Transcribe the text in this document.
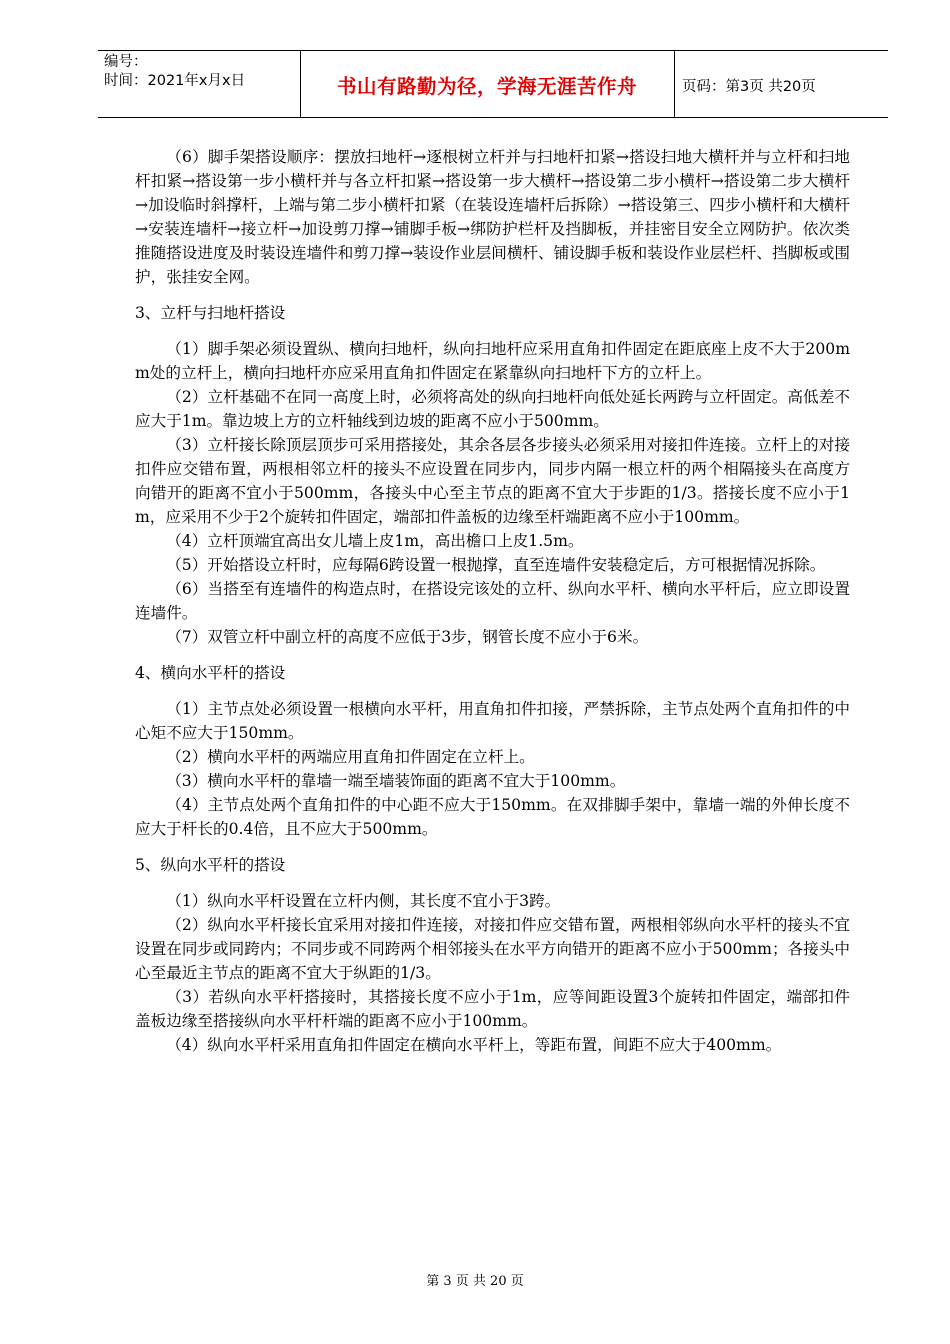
编号：
时间：2021年x月x日	书山有路勤为径，学海无涯苦作舟	页码：第3页 共20页

（6）脚手架搭设顺序：摆放扫地杆→逐根树立杆并与扫地杆扣紧→搭设扫地大横杆并与立杆和扫地杆扣紧→搭设第一步小横杆并与各立杆扣紧→搭设第一步大横杆→搭设第二步小横杆→搭设第二步大横杆→加设临时斜撑杆，上端与第二步小横杆扣紧（在装设连墙杆后拆除）→搭设第三、四步小横杆和大横杆→安装连墙杆→接立杆→加设剪刀撑→铺脚手板→绑防护栏杆及挡脚板，并挂密目安全立网防护。依次类推随搭设进度及时装设连墙件和剪刀撑→装设作业层间横杆、铺设脚手板和装设作业层栏杆、挡脚板或围护，张挂安全网。

3、立杆与扫地杆搭设

（1）脚手架必须设置纵、横向扫地杆，纵向扫地杆应采用直角扣件固定在距底座上皮不大于200mm处的立杆上，横向扫地杆亦应采用直角扣件固定在紧靠纵向扫地杆下方的立杆上。

（2）立杆基础不在同一高度上时，必须将高处的纵向扫地杆向低处延长两跨与立杆固定。高低差不应大于1m。靠边坡上方的立杆轴线到边坡的距离不应小于500mm。

（3）立杆接长除顶层顶步可采用搭接处，其余各层各步接头必须采用对接扣件连接。立杆上的对接扣件应交错布置，两根相邻立杆的接头不应设置在同步内，同步内隔一根立杆的两个相隔接头在高度方向错开的距离不宜小于500mm，各接头中心至主节点的距离不宜大于步距的1/3。搭接长度不应小于1m，应采用不少于2个旋转扣件固定，端部扣件盖板的边缘至杆端距离不应小于100mm。

（4）立杆顶端宜高出女儿墙上皮1m，高出檐口上皮1.5m。

（5）开始搭设立杆时，应每隔6跨设置一根抛撑，直至连墙件安装稳定后，方可根据情况拆除。

（6）当搭至有连墙件的构造点时，在搭设完该处的立杆、纵向水平杆、横向水平杆后，应立即设置连墙件。

（7）双管立杆中副立杆的高度不应低于3步，钢管长度不应小于6米。

4、横向水平杆的搭设

（1）主节点处必须设置一根横向水平杆，用直角扣件扣接，严禁拆除，主节点处两个直角扣件的中心矩不应大于150mm。

（2）横向水平杆的两端应用直角扣件固定在立杆上。

（3）横向水平杆的靠墙一端至墙装饰面的距离不宜大于100mm。

（4）主节点处两个直角扣件的中心距不应大于150mm。在双排脚手架中，靠墙一端的外伸长度不应大于杆长的0.4倍，且不应大于500mm。

5、纵向水平杆的搭设

（1）纵向水平杆设置在立杆内侧，其长度不宜小于3跨。

（2）纵向水平杆接长宜采用对接扣件连接，对接扣件应交错布置，两根相邻纵向水平杆的接头不宜设置在同步或同跨内；不同步或不同跨两个相邻接头在水平方向错开的距离不应小于500mm；各接头中心至最近主节点的距离不宜大于纵距的1/3。

（3）若纵向水平杆搭接时，其搭接长度不应小于1m，应等间距设置3个旋转扣件固定，端部扣件盖板边缘至搭接纵向水平杆杆端的距离不应小于100mm。

（4）纵向水平杆采用直角扣件固定在横向水平杆上，等距布置，间距不应大于400mm。

第 3 页 共 20 页
